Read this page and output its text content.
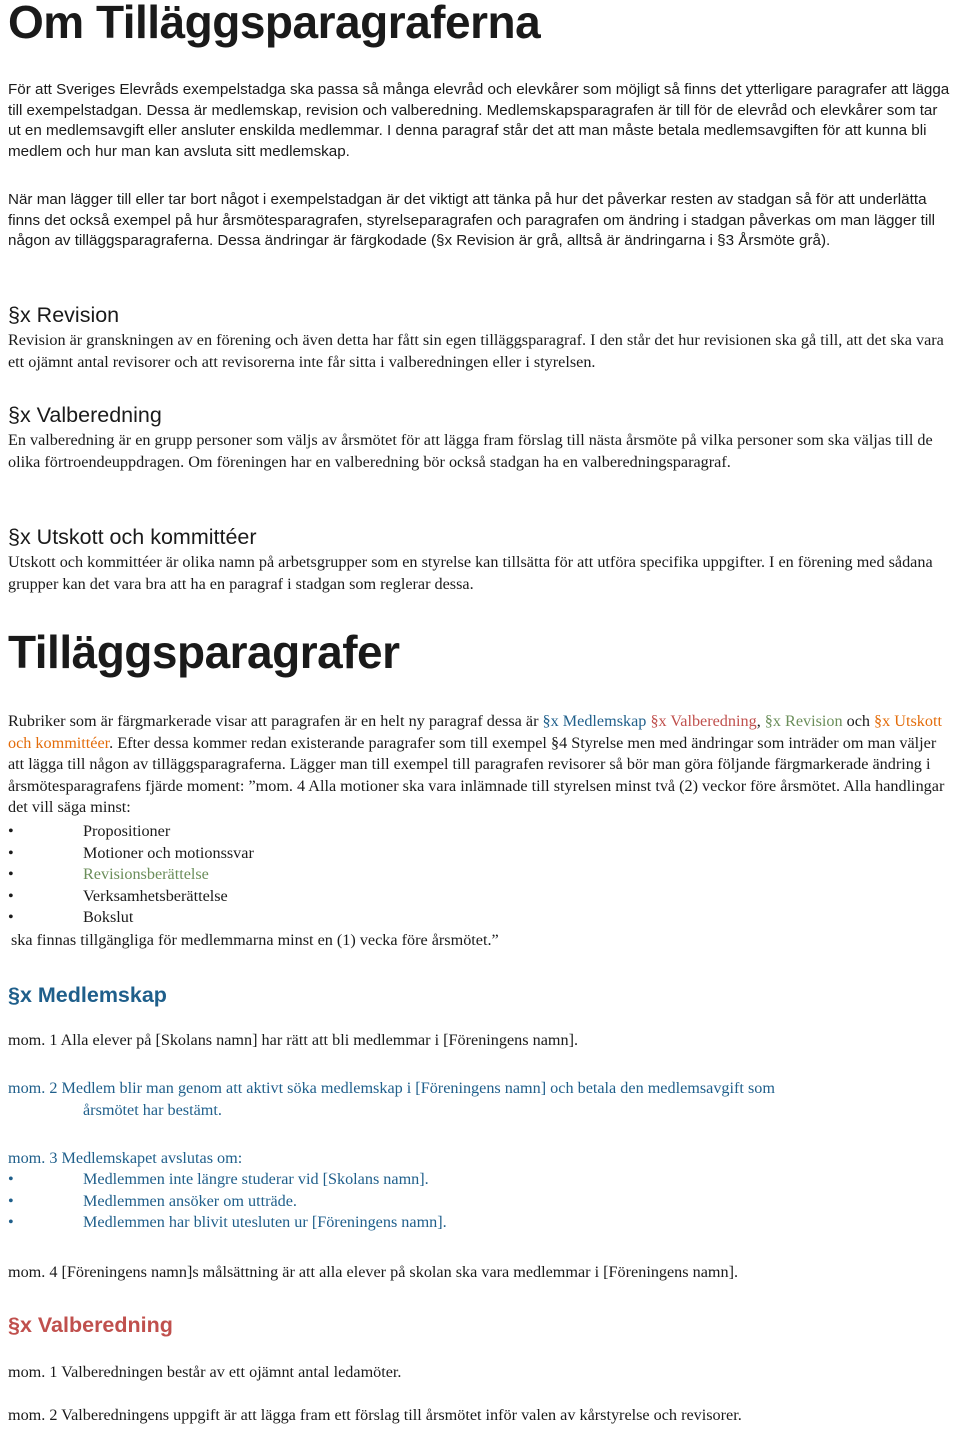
Om Tilläggsparagraferna

För att Sveriges Elevråds exempelstadga ska passa så många elevråd och elevkårer som möjligt så finns det ytterligare paragrafer att lägga till exempelstadgan. Dessa är medlemskap, revision och valberedning. Medlemskapsparagrafen är till för de elevråd och elevkårer som tar ut en medlemsavgift eller ansluter enskilda medlemmar. I denna paragraf står det att man måste betala medlemsavgiften för att kunna bli medlem och hur man kan avsluta sitt medlemskap.

När man lägger till eller tar bort något i exempelstadgan är det viktigt att tänka på hur det påverkar resten av stadgan så för att underlätta finns det också exempel på hur årsmötesparagrafen, styrelseparagrafen och paragrafen om ändring i stadgan påverkas om man lägger till någon av tilläggsparagraferna. Dessa ändringar är färgkodade (§x Revision är grå, alltså är ändringarna i §3 Årsmöte grå).

§x Revision

Revision är granskningen av en förening och även detta har fått sin egen tilläggsparagraf. I den står det hur revisionen ska gå till, att det ska vara ett ojämnt antal revisorer och att revisorerna inte får sitta i valberedningen eller i styrelsen.

§x Valberedning

En valberedning är en grupp personer som väljs av årsmötet för att lägga fram förslag till nästa årsmöte på vilka personer som ska väljas till de olika förtroendeuppdragen. Om föreningen har en valberedning bör också stadgan ha en valberedningsparagraf.

§x Utskott och kommittéer

Utskott och kommittéer är olika namn på arbetsgrupper som en styrelse kan tillsätta för att utföra specifika uppgifter. I en förening med sådana grupper kan det vara bra att ha en paragraf i stadgan som reglerar dessa.

Tilläggsparagrafer

Rubriker som är färgmarkerade visar att paragrafen är en helt ny paragraf dessa är §x Medlemskap §x Valberedning, §x Revision och §x Utskott och kommittéer. Efter dessa kommer redan existerande paragrafer som till exempel §4 Styrelse men med ändringar som inträder om man väljer att lägga till någon av tilläggsparagraferna. Lägger man till exempel till paragrafen revisorer så bör man göra följande färgmarkerade ändring i årsmötesparagrafens fjärde moment: ”mom. 4 Alla motioner ska vara inlämnade till styrelsen minst två (2) veckor före årsmötet. Alla handlingar det vill säga minst:

•	Propositioner
•	Motioner och motionssvar
•	Revisionsberättelse
•	Verksamhetsberättelse
•	Bokslut

ska finnas tillgängliga för medlemmarna minst en (1) vecka före årsmötet.”

§x Medlemskap

mom. 1 Alla elever på [Skolans namn] har rätt att bli medlemmar i [Föreningens namn].

mom. 2 Medlem blir man genom att aktivt söka medlemskap i [Föreningens namn] och betala den medlemsavgift som
årsmötet har bestämt.

mom. 3 Medlemskapet avslutas om:

•	Medlemmen inte längre studerar vid [Skolans namn].
•	Medlemmen ansöker om utträde.
•	Medlemmen har blivit utesluten ur [Föreningens namn].

mom. 4 [Föreningens namn]s målsättning är att alla elever på skolan ska vara medlemmar i [Föreningens namn].

§x Valberedning

mom. 1 Valberedningen består av ett ojämnt antal ledamöter.

mom. 2 Valberedningens uppgift är att lägga fram ett förslag till årsmötet inför valen av kårstyrelse och revisorer.
